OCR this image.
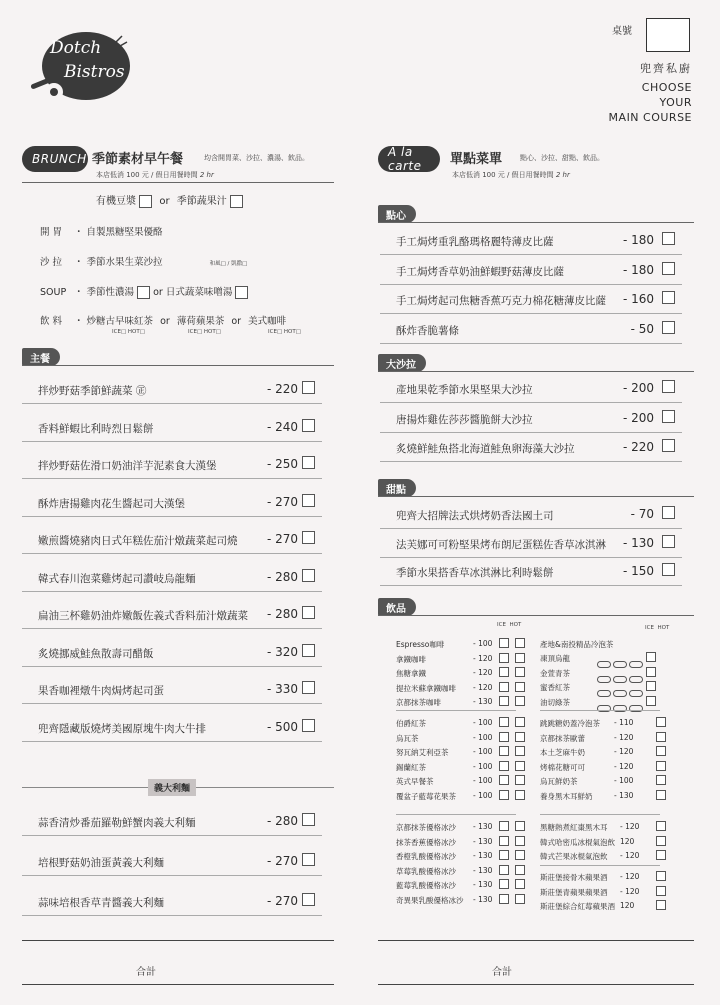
Dotch
Bistros
桌號
兜齊私廚
CHOOSE
YOUR
MAIN COURSE
BRUNCH 季節素材早午餐	均含開胃菜、沙拉、濃湯、飲品。
本店低消 100 元 / 假日用餐時間 2 hr
有機豆漿 or 季節蔬果汁
開 胃 ・ 自製黑糖堅果優酪
沙 拉 ・ 季節水果生菜沙拉	和風□ / 凱撒□
SOUP ・ 季節性濃湯 or 日式蔬菜味噌湯
飲 料 ・ 炒糖古早味紅茶 or 薄荷蘋果茶 or 美式咖啡
ICE□ HOT□	ICE□ HOT□	ICE□ HOT□
主餐
拌炒野菇季節鮮蔬菜 ㊣	- 220
香料鮮蝦比利時烈日鬆餅	- 240
拌炒野菇佐滑口奶油洋芋泥素食大漢堡	- 250
酥炸唐揚雞肉花生醬起司大漢堡	- 270
嫩煎醬燒豬肉日式年糕佐茄汁燉蔬菜起司燒 - 270
韓式春川泡菜雞烤起司讚岐烏龍麵	- 280
扁油三杯雞奶油炸嫩飯佐義式香料茄汁燉蔬菜 - 280
炙燒挪威鮭魚散壽司醋飯	- 320
果香咖裡燉牛肉焗烤起司蛋	- 330
兜齊隱藏版燒烤美國原塊牛肉大牛排	- 500
義大利麵
蒜香清炒番茄羅勒鮮蟹肉義大利麵	- 280
培根野菇奶油蛋黃義大利麵	- 270
蒜味培根香草青醬義大利麵	- 270
合計
A la carte	單點菜單	點心、沙拉、甜點、飲品。
本店低消 100 元 / 假日用餐時間 2 hr
點心
手工焗烤重乳酪瑪格麗特薄皮比薩	- 180
手工焗烤香草奶油鮮蝦野菇薄皮比薩	- 180
手工焗烤起司焦糖香蕉巧克力棉花糖薄皮比薩 - 160
酥炸香脆薯條	- 50
大沙拉
產地果乾季節水果堅果大沙拉	- 200
唐揚炸雞佐莎莎醬脆餅大沙拉	- 200
炙燒鮮鮭魚搭北海道鮭魚卵海藻大沙拉	- 220
甜點
兜齊大招牌法式烘烤奶香法國土司	- 70
法芙娜可可粉堅果烤布朗尼蛋糕佐香草冰淇淋 - 130
季節水果搭香草冰淇淋比利時鬆餅	- 150
飲品
ICE HOT	ICE HOT
Espresso咖啡	- 100
拿鐵咖啡	- 120
焦糖拿鐵	- 120
提拉米蘇拿鐵咖啡 - 120
京都抹茶咖啡	- 130
伯爵紅茶	- 100
烏瓦茶	- 100
努瓦納艾利亞茶	- 100
錫蘭紅茶	- 100
英式早餐茶	- 100
覆盆子藍莓花果茶 - 100
京都抹茶優格冰沙 - 130
抹茶香蕉優格冰沙 - 130
香橙乳酸優格冰沙 - 130
草莓乳酸優格冰沙 - 130
藍莓乳酸優格冰沙 - 130
奇異果乳酸優格冰沙 - 130
產地&南投精品冷泡茶
凍頂烏龍
金萱青茶
蜜香紅茶
油切綠茶
跳跳糖奶蓋冷泡茶 - 110
京都抹茶歐蕾	- 120
本土芝麻牛奶	- 120
烤棉花糖可可	- 120
烏瓦鮮奶茶	- 100
養身黑木耳鮮奶	- 130
黑糖熱煮紅棗黑木耳 - 120
韓式哈密瓜冰棍氣泡飲 120
韓式芒果冰棍氣泡飲 - 120
斯莊堡接骨木蘋果酒 - 120
斯莊堡青蘋果蘋果酒 - 120
斯莊堡綜合紅莓蘋果酒 120
合計
